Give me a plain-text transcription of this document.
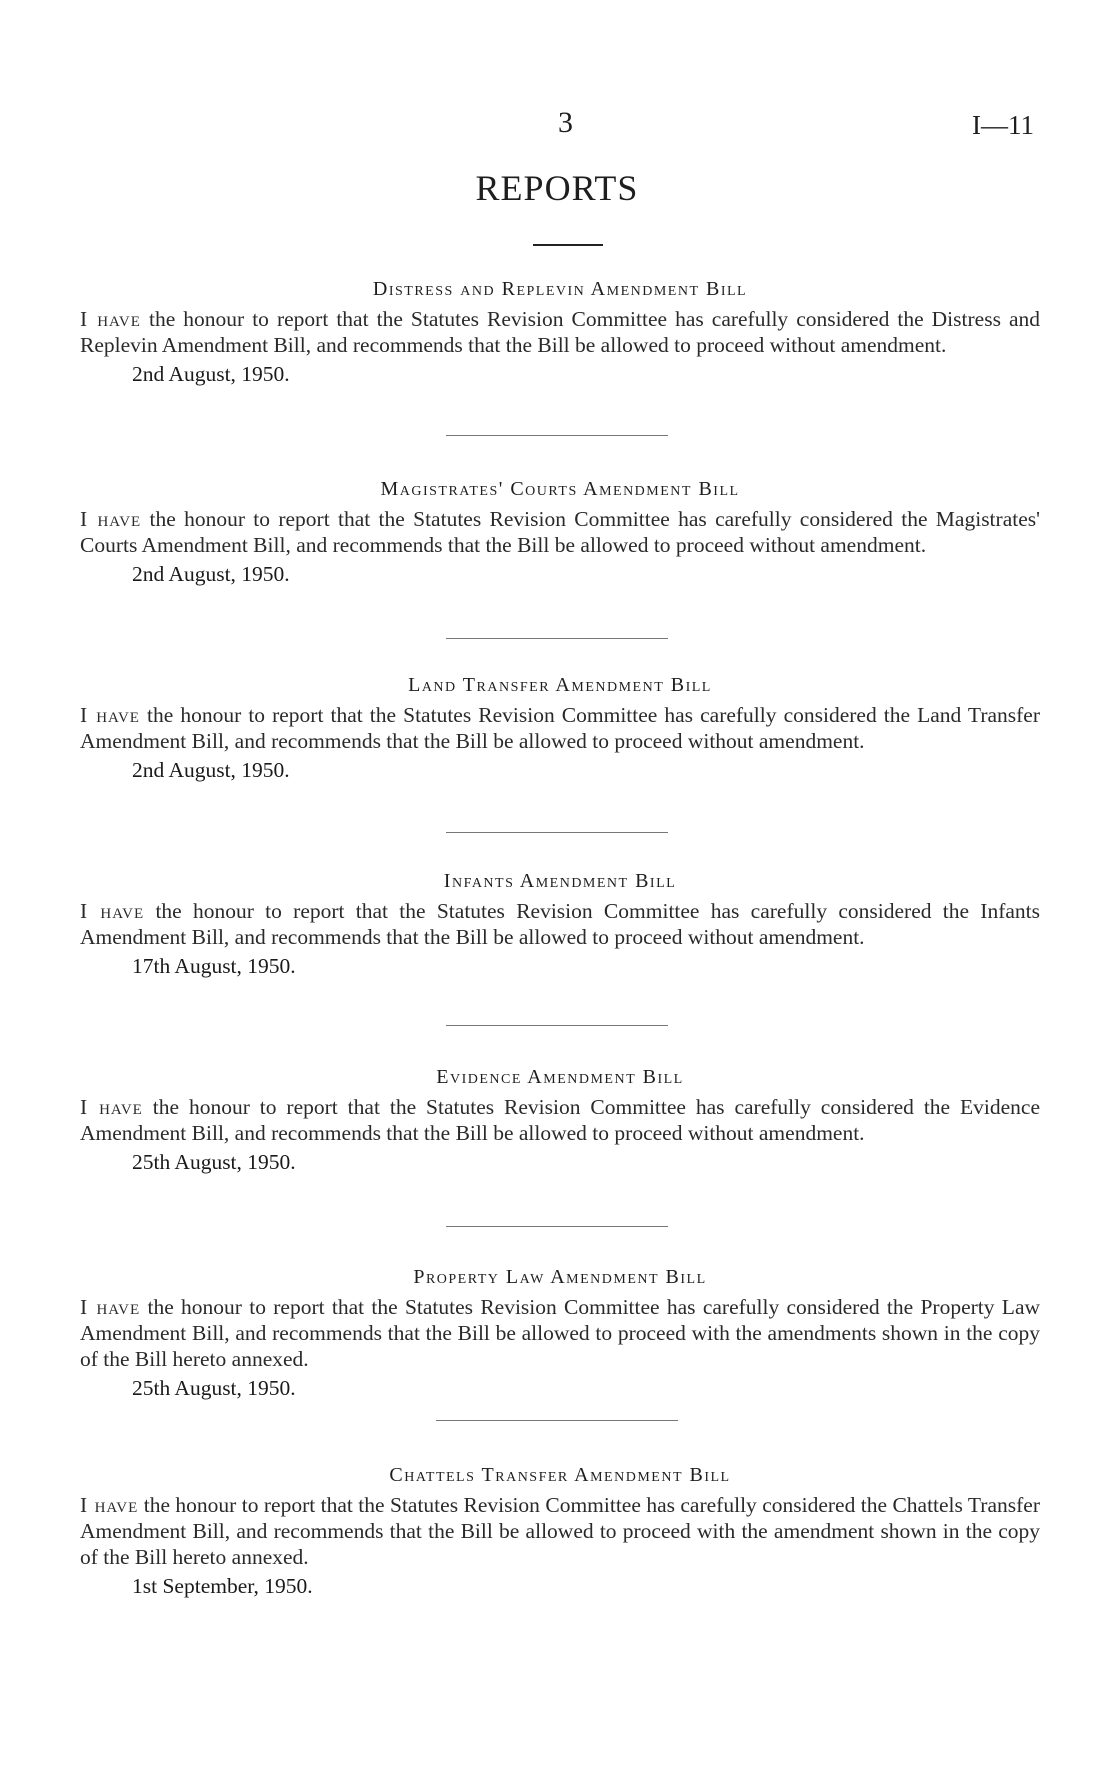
3	I—11
REPORTS
Distress and Replevin Amendment Bill

I have the honour to report that the Statutes Revision Committee has carefully considered the Distress and Replevin Amendment Bill, and recommends that the Bill be allowed to proceed without amendment.

2nd August, 1950.
Magistrates' Courts Amendment Bill

I have the honour to report that the Statutes Revision Committee has carefully considered the Magistrates' Courts Amendment Bill, and recommends that the Bill be allowed to proceed without amendment.

2nd August, 1950.
Land Transfer Amendment Bill

I have the honour to report that the Statutes Revision Committee has carefully considered the Land Transfer Amendment Bill, and recommends that the Bill be allowed to proceed without amendment.

2nd August, 1950.
Infants Amendment Bill

I have the honour to report that the Statutes Revision Committee has carefully considered the Infants Amendment Bill, and recommends that the Bill be allowed to proceed without amendment.

17th August, 1950.
Evidence Amendment Bill

I have the honour to report that the Statutes Revision Committee has carefully considered the Evidence Amendment Bill, and recommends that the Bill be allowed to proceed without amendment.

25th August, 1950.
Property Law Amendment Bill

I have the honour to report that the Statutes Revision Committee has carefully considered the Property Law Amendment Bill, and recommends that the Bill be allowed to proceed with the amendments shown in the copy of the Bill hereto annexed.

25th August, 1950.
Chattels Transfer Amendment Bill

I have the honour to report that the Statutes Revision Committee has carefully considered the Chattels Transfer Amendment Bill, and recommends that the Bill be allowed to proceed with the amendment shown in the copy of the Bill hereto annexed.

1st September, 1950.
